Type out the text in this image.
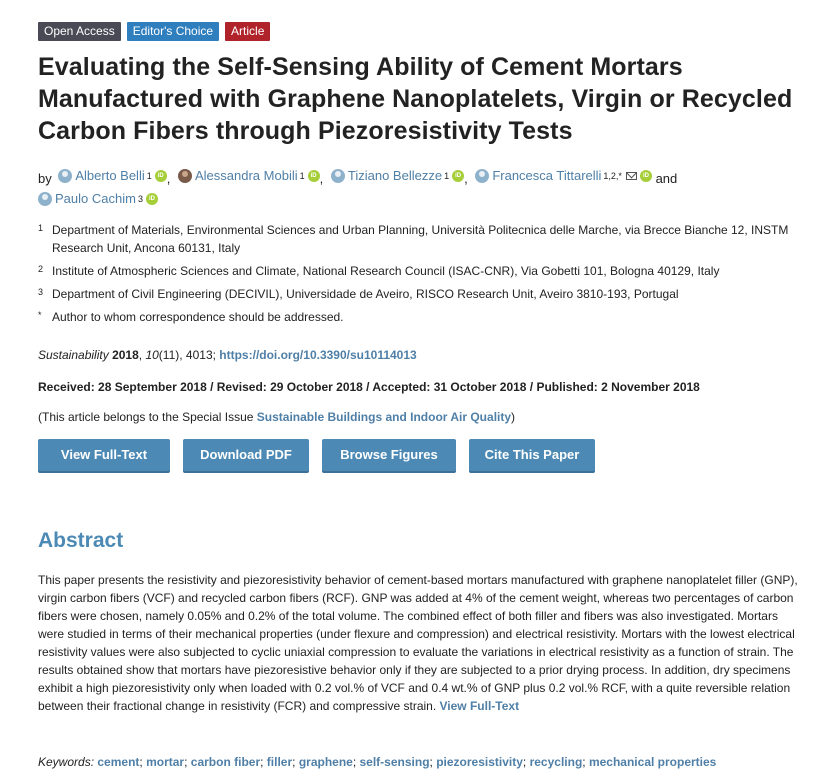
Open Access	Editor's Choice	Article
Evaluating the Self-Sensing Ability of Cement Mortars Manufactured with Graphene Nanoplatelets, Virgin or Recycled Carbon Fibers through Piezoresistivity Tests
by Alberto Belli 1	iD , Alessandra Mobili 1	iD , Tiziano Bellezze 1	iD , Francesca Tittarelli 1,2,*	iD and

Paulo Cachim 3	iD
1 Department of Materials, Environmental Sciences and Urban Planning, Università Politecnica delle Marche, via Brecce Bianche 12, INSTM Research Unit, Ancona 60131, Italy
2 Institute of Atmospheric Sciences and Climate, National Research Council (ISAC-CNR), Via Gobetti 101, Bologna 40129, Italy
3 Department of Civil Engineering (DECIVIL), Universidade de Aveiro, RISCO Research Unit, Aveiro 3810-193, Portugal
* Author to whom correspondence should be addressed.
Sustainability 2018, 10(11), 4013; https://doi.org/10.3390/su10114013
Received: 28 September 2018 / Revised: 29 October 2018 / Accepted: 31 October 2018 / Published: 2 November 2018
(This article belongs to the Special Issue Sustainable Buildings and Indoor Air Quality)
View Full-Text	Download PDF	Browse Figures	Cite This Paper
Abstract
This paper presents the resistivity and piezoresistivity behavior of cement-based mortars manufactured with graphene nanoplatelet filler (GNP), virgin carbon fibers (VCF) and recycled carbon fibers (RCF). GNP was added at 4% of the cement weight, whereas two percentages of carbon fibers were chosen, namely 0.05% and 0.2% of the total volume. The combined effect of both filler and fibers was also investigated. Mortars were studied in terms of their mechanical properties (under flexure and compression) and electrical resistivity. Mortars with the lowest electrical resistivity values were also subjected to cyclic uniaxial compression to evaluate the variations in electrical resistivity as a function of strain. The results obtained show that mortars have piezoresistive behavior only if they are subjected to a prior drying process. In addition, dry specimens exhibit a high piezoresistivity only when loaded with 0.2 vol.% of VCF and 0.4 wt.% of GNP plus 0.2 vol.% RCF, with a quite reversible relation between their fractional change in resistivity (FCR) and compressive strain. View Full-Text
Keywords: cement; mortar; carbon fiber; filler; graphene; self-sensing; piezoresistivity; recycling; mechanical properties
